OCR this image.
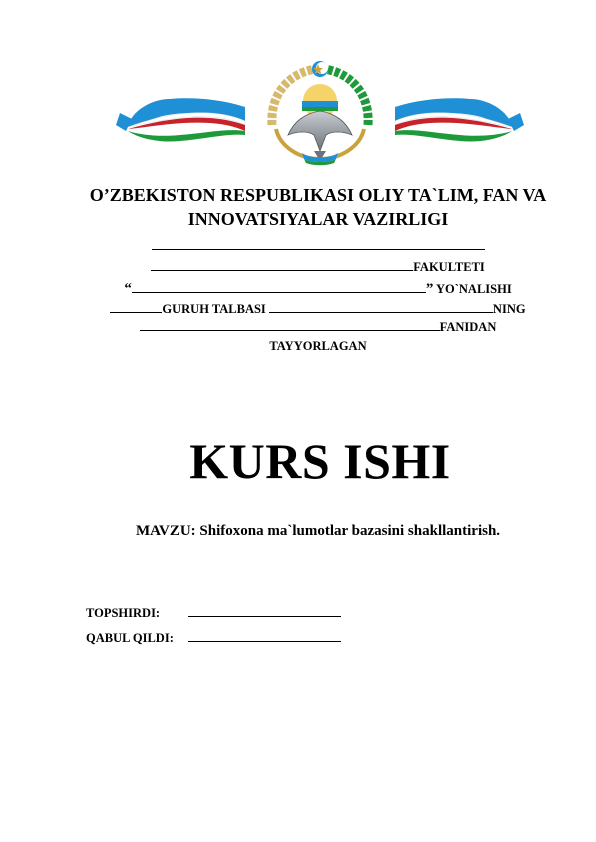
O’ZBEKISTON RESPUBLIKASI OLIY TA`LIM, FAN VA
INNOVATSIYALAR VAZIRLIGI
FAKULTETI
“	” YO`NALISHI
GURUH TALBASI	NING
FANIDAN
TAYYORLAGAN
KURS ISHI
MAVZU: Shifoxona ma`lumotlar bazasini shakllantirish.
TOPSHIRDI:
QABUL QILDI:
